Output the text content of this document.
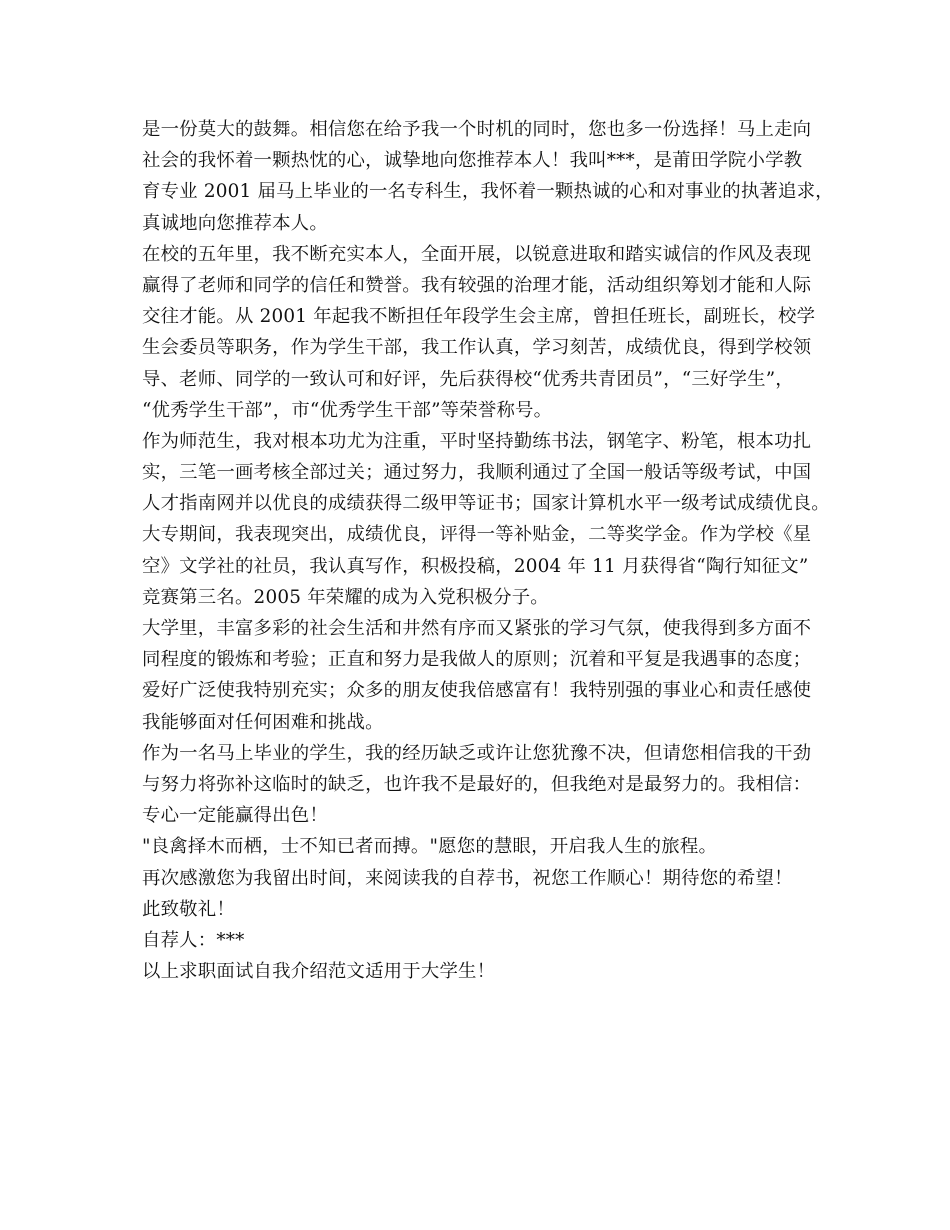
是一份莫大的鼓舞。相信您在给予我一个时机的同时，您也多一份选择！马上走向
社会的我怀着一颗热忱的心，诚挚地向您推荐本人！我叫***，是莆田学院小学教
育专业 2001 届马上毕业的一名专科生，我怀着一颗热诚的心和对事业的执著追求，
真诚地向您推荐本人。
在校的五年里，我不断充实本人，全面开展，以锐意进取和踏实诚信的作风及表现
赢得了老师和同学的信任和赞誉。我有较强的治理才能，活动组织筹划才能和人际
交往才能。从 2001 年起我不断担任年段学生会主席，曾担任班长，副班长，校学
生会委员等职务，作为学生干部，我工作认真，学习刻苦，成绩优良，得到学校领
导、老师、同学的一致认可和好评，先后获得校“优秀共青团员”，“三好学生”，
“优秀学生干部”，市“优秀学生干部”等荣誉称号。
作为师范生，我对根本功尤为注重，平时坚持勤练书法，钢笔字、粉笔，根本功扎
实，三笔一画考核全部过关；通过努力，我顺利通过了全国一般话等级考试，中国
人才指南网并以优良的成绩获得二级甲等证书；国家计算机水平一级考试成绩优良。
大专期间，我表现突出，成绩优良，评得一等补贴金，二等奖学金。作为学校《星
空》文学社的社员，我认真写作，积极投稿，2004 年 11 月获得省“陶行知征文”
竞赛第三名。2005 年荣耀的成为入党积极分子。
大学里，丰富多彩的社会生活和井然有序而又紧张的学习气氛，使我得到多方面不
同程度的锻炼和考验；正直和努力是我做人的原则；沉着和平复是我遇事的态度；
爱好广泛使我特别充实；众多的朋友使我倍感富有！我特别强的事业心和责任感使
我能够面对任何困难和挑战。
作为一名马上毕业的学生，我的经历缺乏或许让您犹豫不决，但请您相信我的干劲
与努力将弥补这临时的缺乏，也许我不是最好的，但我绝对是最努力的。我相信：
专心一定能赢得出色！
"良禽择木而栖，士不知已者而搏。"愿您的慧眼，开启我人生的旅程。
再次感激您为我留出时间，来阅读我的自荐书，祝您工作顺心！期待您的希望！
此致敬礼！
自荐人：***
以上求职面试自我介绍范文适用于大学生！
